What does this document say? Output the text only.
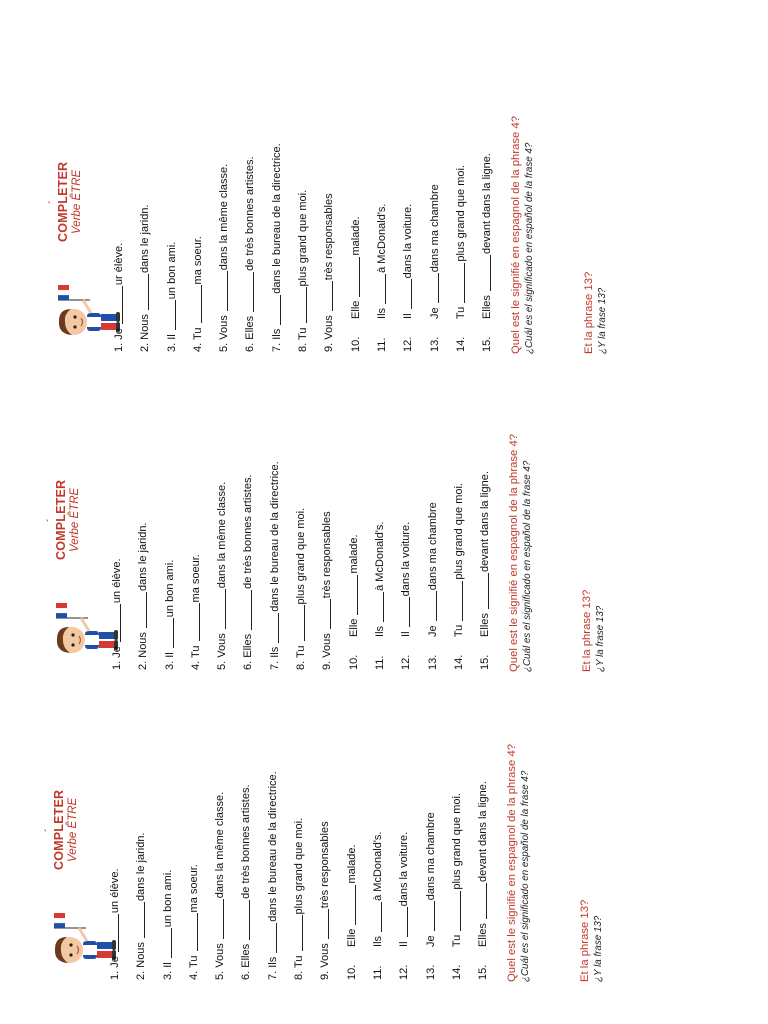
´
COMPLETER Verbe ÊTRE
1. Je un élève.
2. Nous dans le jaridn.
3. Il un bon ami.
4. Tu ma soeur.
5. Vous dans la même classe.
6. Elles de très bonnes artistes.
7. Ils dans le bureau de la directrice.
8. Tu plus grand que moi.
9. Vous très responsables
10. Elle malade.
11. Ils à McDonald's.
12. Il dans la voiture.
13. Je dans ma chambre
14. Tu plus grand que moi.
15. Elles devant dans la ligne.	Quel est le signifié en espagnol de la phrase 4? ¿Cuál es el significado en español de la frase 4?	Et la phrase 13? ¿Y la frase 13?
´
COMPLETER Verbe ÊTRE
1. Je un élève.
2. Nous dans le jaridn.
3. Il un bon ami.
4. Tu ma soeur.
5. Vous dans la même classe.
6. Elles de très bonnes artistes.
7. Ils dans le bureau de la directrice.
8. Tu plus grand que moi.
9. Vous très responsables
10. Elle malade.
11. Ils à McDonald's.
12. Il dans la voiture.
13. Je dans ma chambre
14. Tu plus grand que moi.
15. Elles devant dans la ligne.	Quel est le signifié en espagnol de la phrase 4? ¿Cuál es el significado en español de la frase 4?	Et la phrase 13? ¿Y la frase 13?
´
COMPLETER Verbe ÊTRE
1. Je ur élève.
2. Nous dans le jaridn.
3. Il un bon ami.
4. Tu ma soeur.
5. Vous dans la même classe.
6. Elles de très bonnes artistes.
7. Ils dans le bureau de la directrice.
8. Tu plus grand que moi.
9. Vous très responsables
10. Elle malade.
11. Ils à McDonald's.
12. Il dans la voiture.
13. Je dans ma chambre
14. Tu plus grand que moi.
15. Elles devant dans la ligne.	Quel est le signifié en espagnol de la phrase 4? ¿Cuál es el significado en español de la frase 4?	Et la phrase 13? ¿Y la frase 13?
